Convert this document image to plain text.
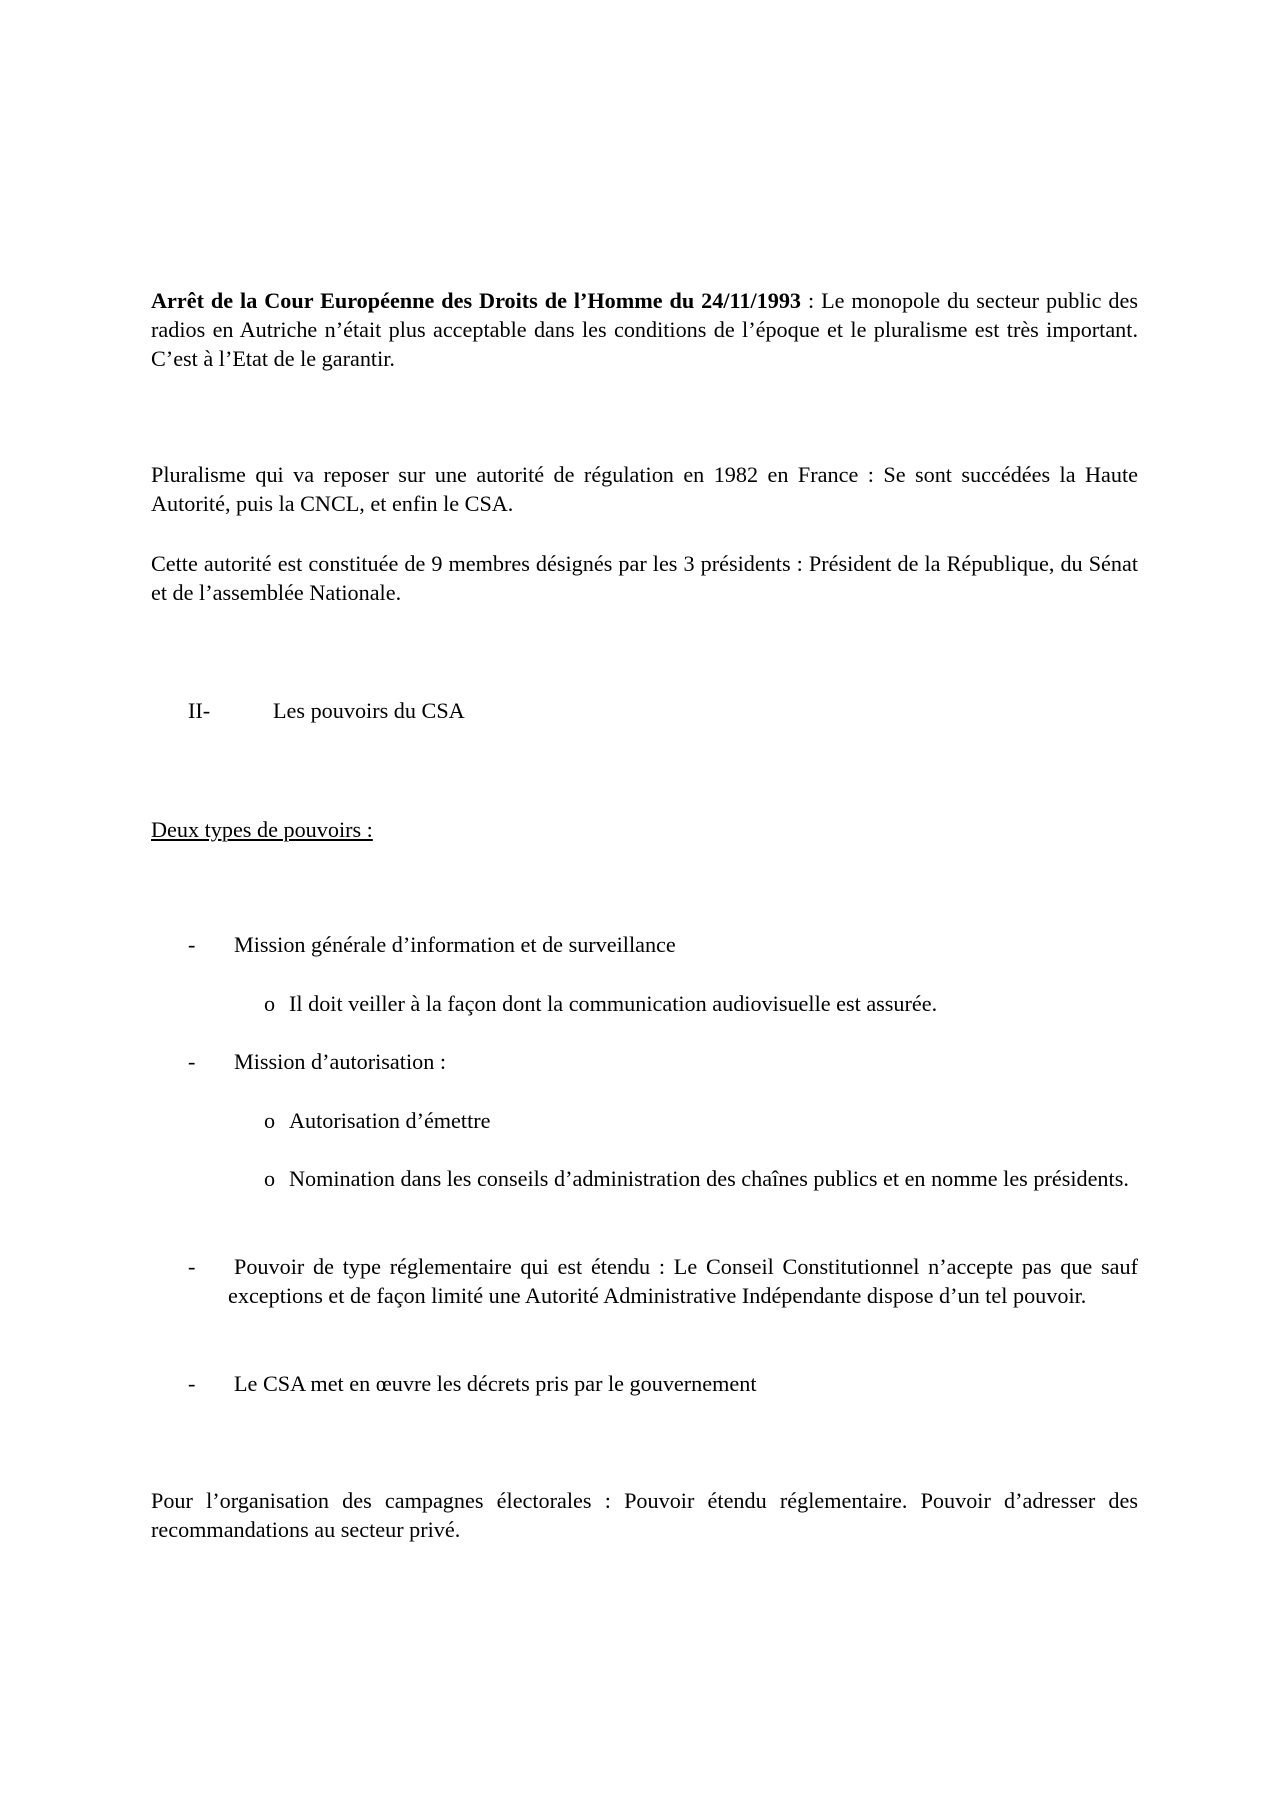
Arrêt de la Cour Européenne des Droits de l’Homme du 24/11/1993 : Le monopole du secteur public des radios en Autriche n’était plus acceptable dans les conditions de l’époque et le pluralisme est très important. C’est à l’Etat de le garantir.

Pluralisme qui va reposer sur une autorité de régulation en 1982 en France : Se sont succédées la Haute Autorité, puis la CNCL, et enfin le CSA.

Cette autorité est constituée de 9 membres désignés par les 3 présidents : Président de la République, du Sénat et de l’assemblée Nationale.

II-	Les pouvoirs du CSA

Deux types de pouvoirs :

- Mission générale d’information et de surveillance
o Il doit veiller à la façon dont la communication audiovisuelle est assurée.
- Mission d’autorisation :
o Autorisation d’émettre
o Nomination dans les conseils d’administration des chaînes publics et en nomme les présidents.
- Pouvoir de type réglementaire qui est étendu : Le Conseil Constitutionnel n’accepte pas que sauf exceptions et de façon limité une Autorité Administrative Indépendante dispose d’un tel pouvoir.
- Le CSA met en œuvre les décrets pris par le gouvernement

Pour l’organisation des campagnes électorales : Pouvoir étendu réglementaire. Pouvoir d’adresser des recommandations au secteur privé.
